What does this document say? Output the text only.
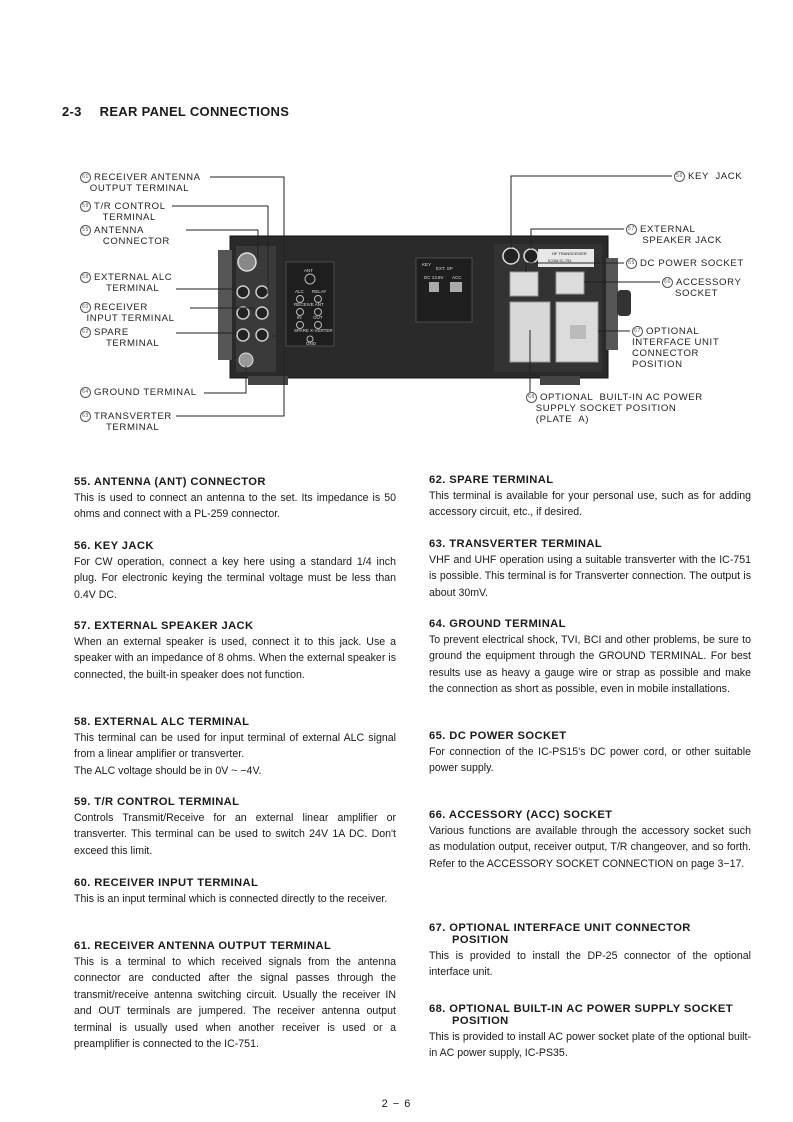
2-3 REAR PANEL CONNECTIONS
ANT
ALC RELAY
RECEIVE ANT
IN	OUT
SPARE X-VERTER
GND
KEY
EXT. SP
DC 13.8V ACC
HF TRANSCEIVER
ICOM IC-751
61 RECEIVER ANTENNA
OUTPUT TERMINAL
59 T/R CONTROL
TERMINAL
55 ANTENNA
CONNECTOR
58 EXTERNAL ALC
TERMINAL
60 RECEIVER
INPUT TERMINAL
62 SPARE
TERMINAL
64 GROUND TERMINAL
63 TRANSVERTER
TERMINAL
56 KEY  JACK
57 EXTERNAL
SPEAKER JACK
65 DC POWER SOCKET
66 ACCESSORY
SOCKET
67 OPTIONAL
INTERFACE UNIT
CONNECTOR
POSITION
68 OPTIONAL  BUILT-IN AC POWER
SUPPLY SOCKET POSITION
(PLATE  A)
55. ANTENNA (ANT) CONNECTOR

This is used to connect an antenna to the set. Its impedance is 50 ohms and connect with a PL-259 connector.

56. KEY JACK

For CW operation, connect a key here using a standard 1/4 inch plug. For electronic keying the terminal voltage must be less than 0.4V DC.

57. EXTERNAL SPEAKER JACK

When an external speaker is used, connect it to this jack. Use a speaker with an impedance of 8 ohms. When the external speaker is connected, the built-in speaker does not function.

58. EXTERNAL ALC TERMINAL

This terminal can be used for input terminal of external ALC signal from a linear amplifier or transverter.

The ALC voltage should be in 0V ~ −4V.

59. T/R CONTROL TERMINAL

Controls Transmit/Receive for an external linear amplifier or transverter. This terminal can be used to switch 24V 1A DC. Don't exceed this limit.

60. RECEIVER INPUT TERMINAL

This is an input terminal which is connected directly to the receiver.

61. RECEIVER ANTENNA OUTPUT TERMINAL

This is a terminal to which received signals from the antenna connector are conducted after the signal passes through the transmit/receive antenna switching circuit. Usually the receiver IN and OUT terminals are jumpered. The receiver antenna output terminal is usually used when another receiver is used or a preamplifier is connected to the IC-751.

62. SPARE TERMINAL

This terminal is available for your personal use, such as for adding accessory circuit, etc., if desired.

63. TRANSVERTER TERMINAL

VHF and UHF operation using a suitable transverter with the IC-751 is possible. This terminal is for Transverter connection. The output is about 30mV.

64. GROUND TERMINAL

To prevent electrical shock, TVI, BCI and other problems, be sure to ground the equipment through the GROUND TERMINAL. For best results use as heavy a gauge wire or strap as possible and make the connection as short as possible, even in mobile installations.

65. DC POWER SOCKET

For connection of the IC-PS15's DC power cord, or other suitable power supply.

66. ACCESSORY (ACC) SOCKET

Various functions are available through the accessory socket such as modulation output, receiver output, T/R changeover, and so forth. Refer to the ACCESSORY SOCKET CONNECTION on page 3−17.

67. OPTIONAL INTERFACE UNIT CONNECTOR
POSITION

This is provided to install the DP-25 connector of the optional interface unit.

68. OPTIONAL BUILT-IN AC POWER SUPPLY SOCKET
POSITION

This is provided to install AC power socket plate of the optional built-in AC power supply, IC-PS35.

2 − 6
